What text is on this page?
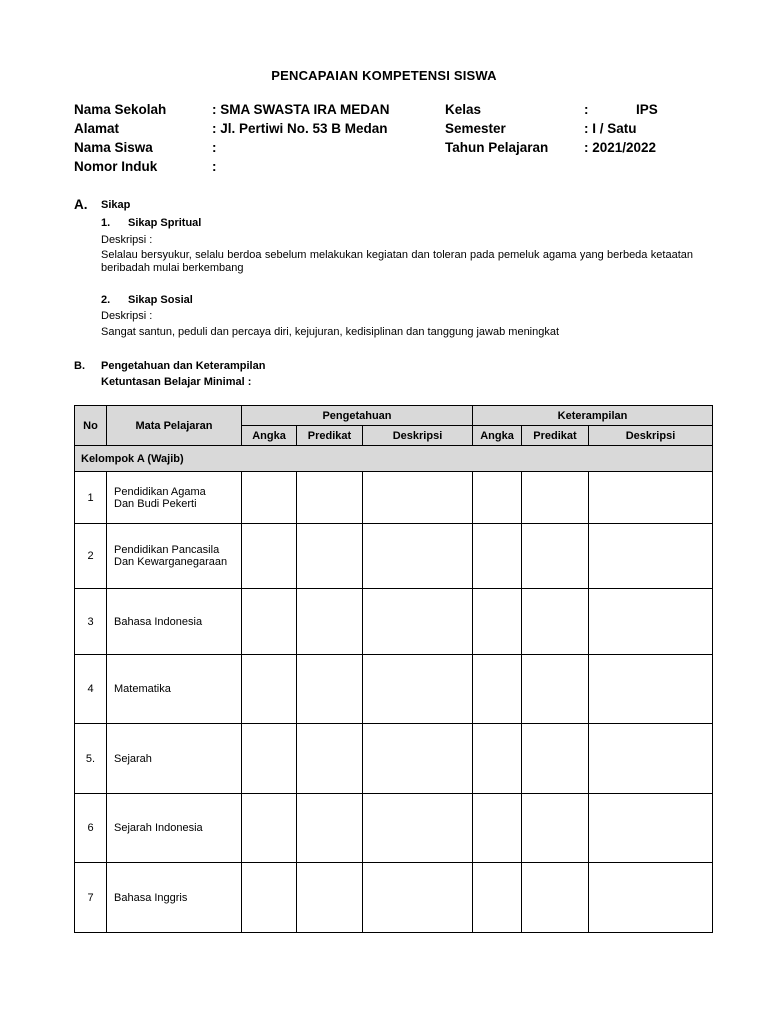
PENCAPAIAN KOMPETENSI SISWA
Nama Sekolah	: SMA SWASTA IRA MEDAN
Alamat	: Jl. Pertiwi No. 53 B Medan
Nama Siswa	:
Nomor Induk	:
Kelas	:	IPS
Semester	: I / Satu
Tahun Pelajaran	: 2021/2022
A. Sikap
1. Sikap Spritual
Deskripsi :
Selalau bersyukur, selalu berdoa sebelum melakukan kegiatan dan toleran pada pemeluk agama yang berbeda ketaatan beribadah mulai berkembang
2. Sikap Sosial
Deskripsi :
Sangat santun, peduli dan percaya diri, kejujuran, kedisiplinan dan tanggung jawab meningkat
B. Pengetahuan dan Keterampilan
Ketuntasan Belajar Minimal :
No	Mata Pelajaran	Pengetahuan			Keterampilan		
		Angka	Predikat	Deskripsi	Angka	Predikat	Deskripsi
Kelompok A (Wajib)							
1	Pendidikan Agama
Dan Budi Pekerti						

2	Pendidikan Pancasila
Dan Kewarganegaraan						

3	Bahasa Indonesia						

4	Matematika						

5.	Sejarah						

6	Sejarah Indonesia						

7	Bahasa Inggris						
